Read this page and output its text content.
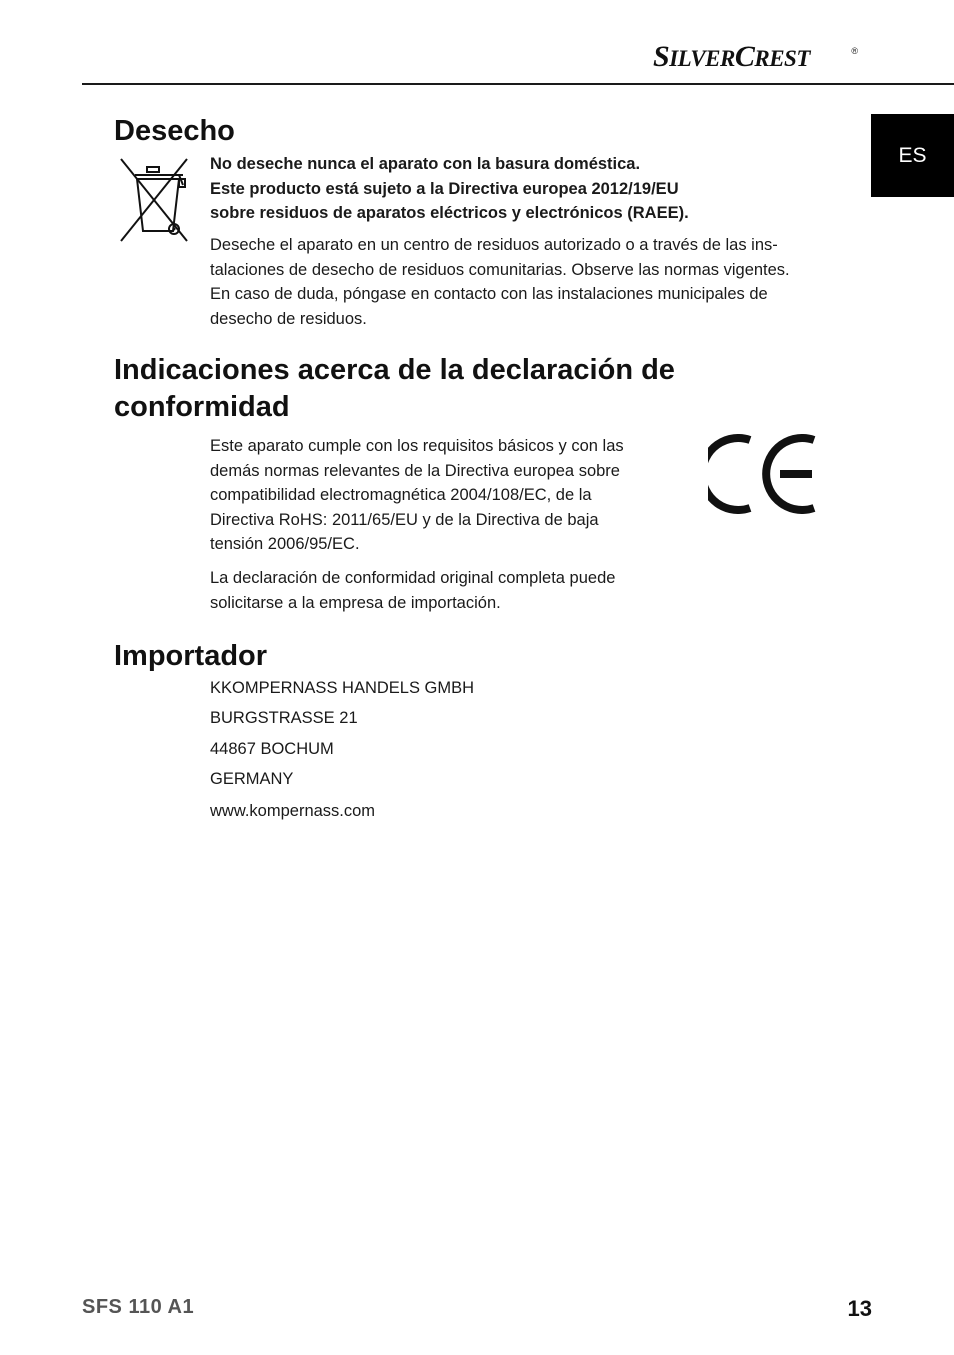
SILVERCREST	®
ES
Desecho
No deseche nunca el aparato con la basura doméstica.
Este producto está sujeto a la Directiva europea 2012/19/EU
sobre residuos de aparatos eléctricos y electrónicos (RAEE).
Deseche el aparato en un centro de residuos autorizado o a través de las ins-
talaciones de desecho de residuos comunitarias. Observe las normas vigentes.
En caso de duda, póngase en contacto con las instalaciones municipales de
desecho de residuos.
Indicaciones acerca de la declaración de
conformidad
Este aparato cumple con los requisitos básicos y con las
demás normas relevantes de la Directiva europea sobre
compatibilidad electromagnética 2004/108/EC, de la
Directiva RoHS: 2011/65/EU y de la Directiva de baja
tensión 2006/95/EC.
La declaración de conformidad original completa puede
solicitarse a la empresa de importación.
Importador
KKOMPERNASS HANDELS GMBH
BURGSTRASSE 21
44867 BOCHUM
GERMANY
www.kompernass.com
SFS 110 A1	13
